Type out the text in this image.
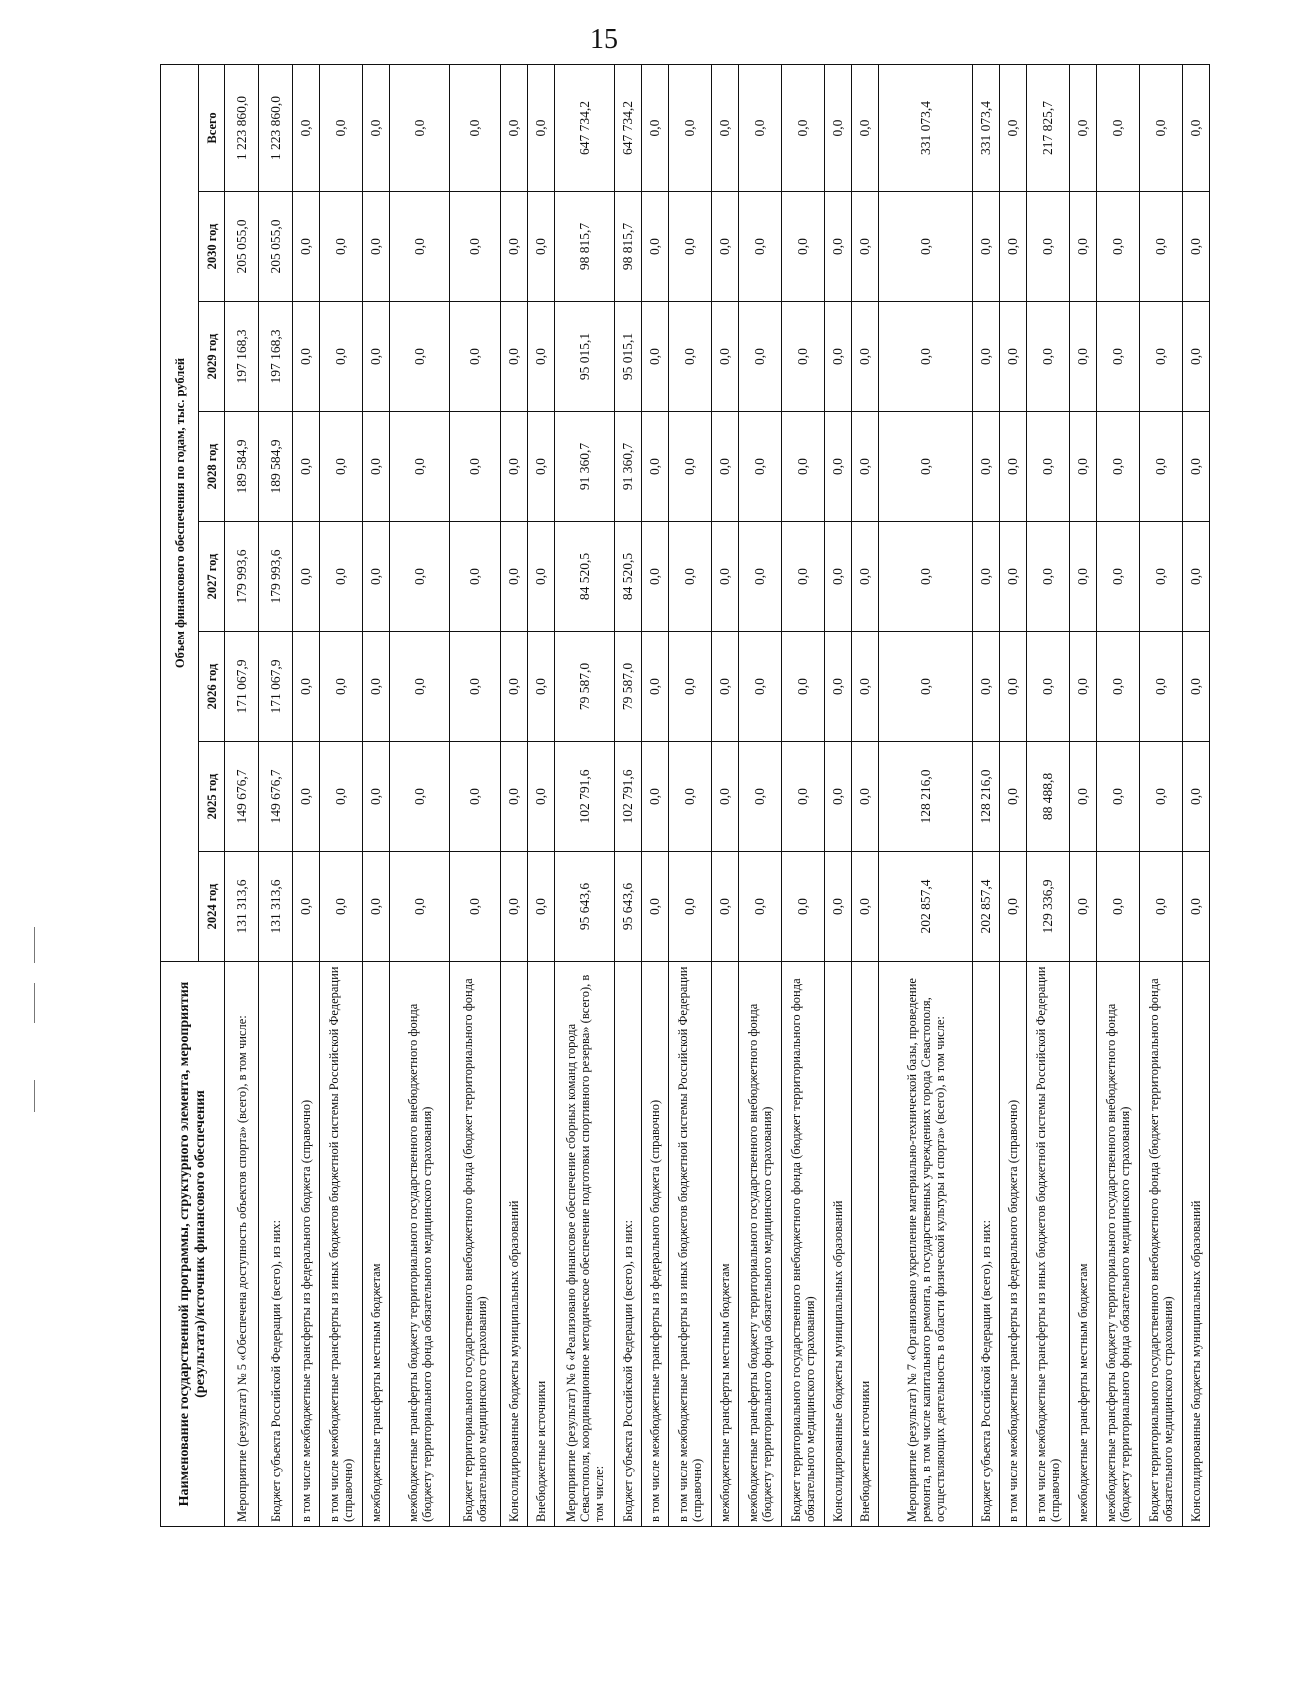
15
Наименование государственной программы, структурного элемента, мероприятия (результата)/источник финансового обеспечения	Объем финансового обеспечения по годам, тыс. рублей							
	2024 год	2025 год	2026 год	2027 год	2028 год	2029 год	2030 год	Всего
Мероприятие (результат) № 5 «Обеспечена доступность объектов спорта» (всего), в том числе:	131 313,6	149 676,7	171 067,9	179 993,6	189 584,9	197 168,3	205 055,0	1 223 860,0
Бюджет субъекта Российской Федерации (всего), из них:	131 313,6	149 676,7	171 067,9	179 993,6	189 584,9	197 168,3	205 055,0	1 223 860,0
в том числе межбюджетные трансферты из федерального бюджета (справочно)	0,0	0,0	0,0	0,0	0,0	0,0	0,0	0,0
в том числе межбюджетные трансферты из иных бюджетов бюджетной системы Российской Федерации (справочно)	0,0	0,0	0,0	0,0	0,0	0,0	0,0	0,0
межбюджетные трансферты местным бюджетам	0,0	0,0	0,0	0,0	0,0	0,0	0,0	0,0
межбюджетные трансферты бюджету территориального государственного внебюджетного фонда (бюджету территориального фонда обязательного медицинского страхования)	0,0	0,0	0,0	0,0	0,0	0,0	0,0	0,0
Бюджет территориального государственного внебюджетного фонда (бюджет территориального фонда обязательного медицинского страхования)	0,0	0,0	0,0	0,0	0,0	0,0	0,0	0,0
Консолидированные бюджеты муниципальных образований	0,0	0,0	0,0	0,0	0,0	0,0	0,0	0,0
Внебюджетные источники	0,0	0,0	0,0	0,0	0,0	0,0	0,0	0,0
Мероприятие (результат) № 6 «Реализовано финансовое обеспечение сборных команд города Севастополя, координационное методическое обеспечение подготовки спортивного резерва» (всего), в том числе:	95 643,6	102 791,6	79 587,0	84 520,5	91 360,7	95 015,1	98 815,7	647 734,2
Бюджет субъекта Российской Федерации (всего), из них:	95 643,6	102 791,6	79 587,0	84 520,5	91 360,7	95 015,1	98 815,7	647 734,2
в том числе межбюджетные трансферты из федерального бюджета (справочно)	0,0	0,0	0,0	0,0	0,0	0,0	0,0	0,0
в том числе межбюджетные трансферты из иных бюджетов бюджетной системы Российской Федерации (справочно)	0,0	0,0	0,0	0,0	0,0	0,0	0,0	0,0
межбюджетные трансферты местным бюджетам	0,0	0,0	0,0	0,0	0,0	0,0	0,0	0,0
межбюджетные трансферты бюджету территориального государственного внебюджетного фонда (бюджету территориального фонда обязательного медицинского страхования)	0,0	0,0	0,0	0,0	0,0	0,0	0,0	0,0
Бюджет территориального государственного внебюджетного фонда (бюджет территориального фонда обязательного медицинского страхования)	0,0	0,0	0,0	0,0	0,0	0,0	0,0	0,0
Консолидированные бюджеты муниципальных образований	0,0	0,0	0,0	0,0	0,0	0,0	0,0	0,0
Внебюджетные источники	0,0	0,0	0,0	0,0	0,0	0,0	0,0	0,0
Мероприятие (результат) № 7 «Организовано укрепление материально-технической базы, проведение ремонта, в том числе капитального ремонта, в государственных учреждениях города Севастополя, осуществляющих деятельность в области физической культуры и спорта» (всего), в том числе:	202 857,4	128 216,0	0,0	0,0	0,0	0,0	0,0	331 073,4
Бюджет субъекта Российской Федерации (всего), из них:	202 857,4	128 216,0	0,0	0,0	0,0	0,0	0,0	331 073,4
в том числе межбюджетные трансферты из федерального бюджета (справочно)	0,0	0,0	0,0	0,0	0,0	0,0	0,0	0,0
в том числе межбюджетные трансферты из иных бюджетов бюджетной системы Российской Федерации (справочно)	129 336,9	88 488,8	0,0	0,0	0,0	0,0	0,0	217 825,7
межбюджетные трансферты местным бюджетам	0,0	0,0	0,0	0,0	0,0	0,0	0,0	0,0
межбюджетные трансферты бюджету территориального государственного внебюджетного фонда (бюджету территориального фонда обязательного медицинского страхования)	0,0	0,0	0,0	0,0	0,0	0,0	0,0	0,0
Бюджет территориального государственного внебюджетного фонда (бюджет территориального фонда обязательного медицинского страхования)	0,0	0,0	0,0	0,0	0,0	0,0	0,0	0,0
Консолидированные бюджеты муниципальных образований	0,0	0,0	0,0	0,0	0,0	0,0	0,0	0,0
